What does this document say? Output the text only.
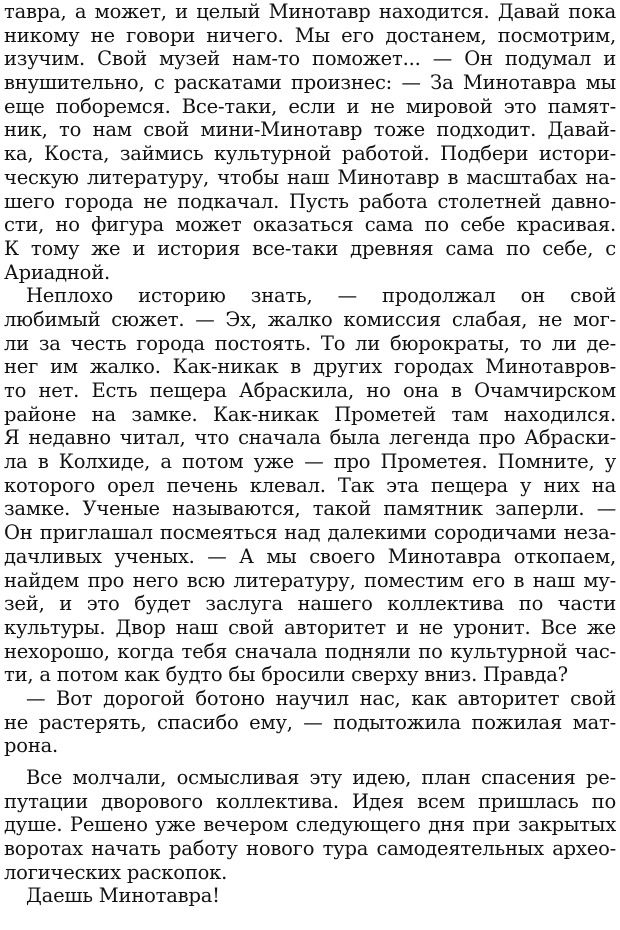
тавра, а может, и целый Минотавр находится. Давай пока
никому не говори ничего. Мы его достанем, посмотрим,
изучим. Свой музей нам-то поможет... — Он подумал и
внушительно, с раскатами произнес: — За Минотавра мы
еще поборемся. Все-таки, если и не мировой это памят-
ник, то нам свой мини-Минотавр тоже подходит. Давай-
ка, Коста, займись культурной работой. Подбери истори-
ческую литературу, чтобы наш Минотавр в масштабах на-
шего города не подкачал. Пусть работа столетней давно-
сти, но фигура может оказаться сама по себе красивая.
К тому же и история все-таки древняя сама по себе, с
Ариадной.
Неплохо историю знать, — продолжал он свой
любимый сюжет. — Эх, жалко комиссия слабая, не мог-
ли за честь города постоять. То ли бюрократы, то ли де-
нег им жалко. Как-никак в других городах Минотавров-
то нет. Есть пещера Абраскила, но она в Очамчирском
районе на замке. Как-никак Прометей там находился.
Я недавно читал, что сначала была легенда про Абраски-
ла в Колхиде, а потом уже — про Прометея. Помните, у
которого орел печень клевал. Так эта пещера у них на
замке. Ученые называются, такой памятник заперли. —
Он приглашал посмеяться над далекими сородичами неза-
дачливых ученых. — А мы своего Минотавра откопаем,
найдем про него всю литературу, поместим его в наш му-
зей, и это будет заслуга нашего коллектива по части
культуры. Двор наш свой авторитет и не уронит. Все же
нехорошо, когда тебя сначала подняли по культурной час-
ти, а потом как будто бы бросили сверху вниз. Правда?
— Вот дорогой ботоно научил нас, как авторитет свой
не растерять, спасибо ему, — подытожила пожилая мат-
рона.
Все молчали, осмысливая эту идею, план спасения ре-
путации дворового коллектива. Идея всем пришлась по
душе. Решено уже вечером следующего дня при закрытых
воротах начать работу нового тура самодеятельных архео-
логических раскопок.
Даешь Минотавра!
